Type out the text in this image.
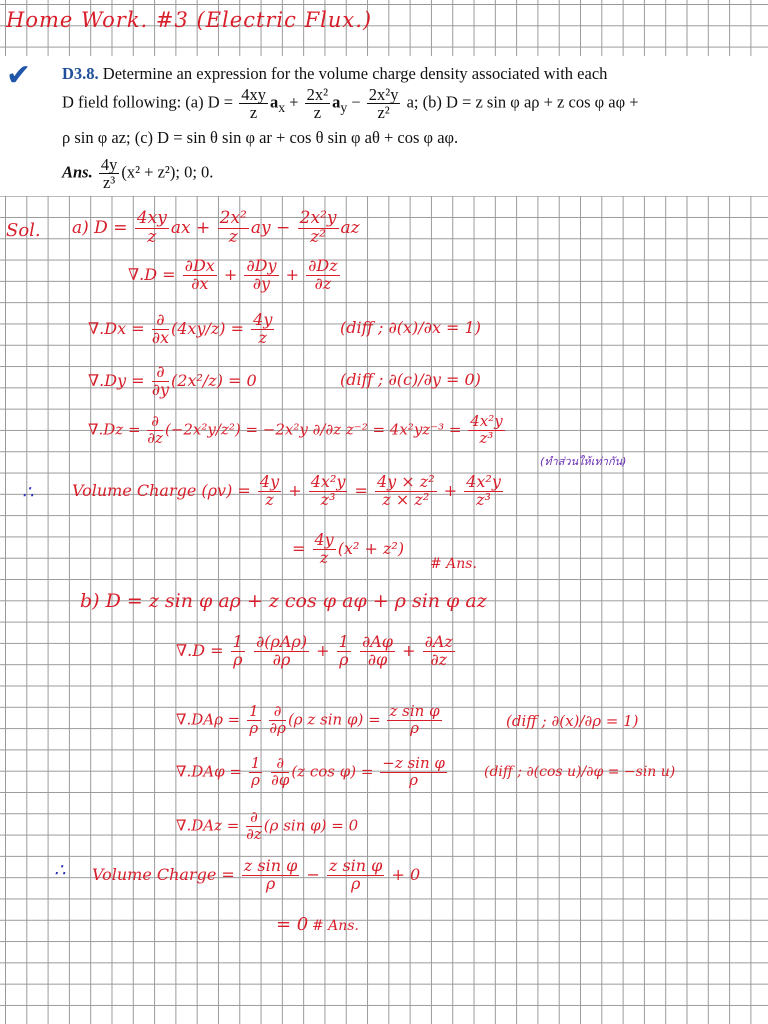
Home Work. #3 (Electric Flux.)
D3.8. Determine an expression for the volume charge density associated with each
D field following: (a) $D = \frac{4xy}{z} a_x + \frac{\text{2x²}}{z} a_y - \frac{\text{2x²y}}{\text{z²}} a$; (b) D = z sin φ aρ + z cos φ aφ +
ρ sin φ az; (c) D = sin θ sin φ ar + cos θ sin φ aθ + cos φ aφ.
Ans. $\frac{4y}{\text{z³}} (x^2 + z^2)$; 0; 0.
✔
Sol. a) $D = \frac{4xy}{z}$ ax + $\frac{\text{2x²}}{z}$ ay − $\frac{\text{2x²y}}{\text{z²}}$ az
$\nabla.D = \frac{\partial Dx}{\partial x} + \frac{\partial Dy}{\partial y} + \frac{\partial Dz}{\partial z}$
$\nabla.Dx = \frac{\partial}{\partial x} (4xy/z) = \frac{4y}{z}$	(diff ; ∂(x)/∂x = 1)
$\nabla.Dy = \frac{\partial}{\partial y} (2x^2/z) = 0$	(diff ; ∂(c)/∂y = 0)
$\nabla.Dz = \frac{\partial}{\partial z} (-2x^2y/z^2) = -2x^2y$ ∂/∂z $z^{-2} = 4x^2yz^{-3} = \frac{\text{4x²y}}{\text{z³}}$
(ทำส่วนให้เท่ากัน)
∴ Volume Charge $(\rho v) = \frac{4y}{z} + \frac{\text{4x²y}}{\text{z³}} = \frac{\text{4y × z²}}{\text{z × z²}} + \frac{\text{4x²y}}{\text{z³}}$
= $\frac{4y}{z} (x^2 + z^2)$
# Ans.
b) D = z sin φ aρ + z cos φ aφ + ρ sin φ az
$\nabla.D = \frac{1}{\rho}$
$\frac{\text{∂(ρAρ)}}{\partial\rho} + \frac{1}{\rho}$
$\frac{\partial A\varphi}{\partial\varphi} + \frac{\partial Az}{\partial z}$
$\nabla.DA\rho = \frac{1}{\rho}$
$\frac{\partial}{\partial\rho} (\rho$ z $\sin \varphi) = \frac{\text{z sin φ}}{\rho}$	(diff ; ∂(x)/∂ρ = 1)
$\nabla.DA\varphi = \frac{1}{\rho}$
$\frac{\partial}{\partial\varphi} (z$ $\cos \varphi) = \frac{\text{−z sin φ}}{\rho}$	(diff ; ∂(cos u)/∂φ = −sin u)
$\nabla.DAz = \frac{\partial}{\partial z} (\rho$ sin φ) = 0
∴ Volume Charge = $\frac{\text{z sin φ}}{\rho} - \frac{\text{z sin φ}}{\rho} + 0$
= 0 # Ans.
